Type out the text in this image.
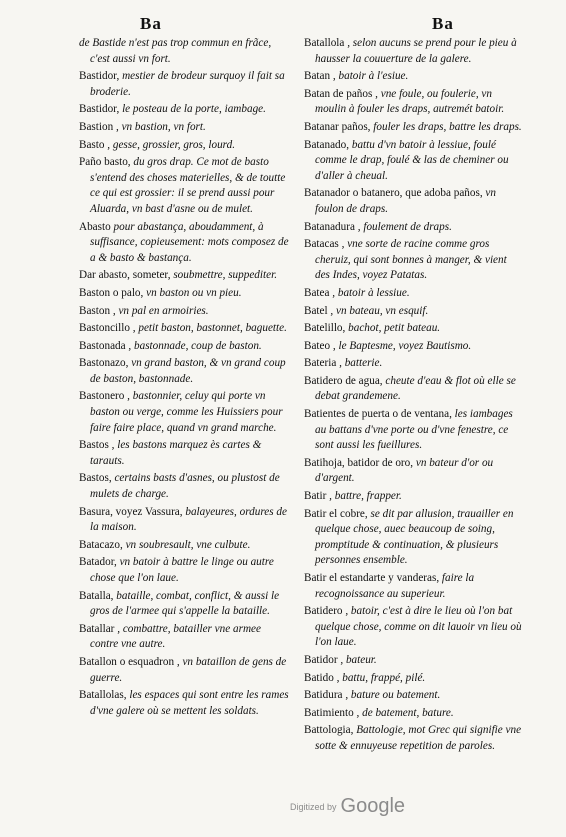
Ba	Ba

de Bastide n'est pas trop commun en frãce, c'est aussi vn fort.

Bastidor, mestier de brodeur surquoy il fait sa broderie.

Bastidor, le posteau de la porte, iambage.

Bastion , vn bastion, vn fort.

Basto , gesse, grossier, gros, lourd.

Paño basto, du gros drap. Ce mot de basto s'entend des choses materielles, & de toutte ce qui est grossier: il se prend aussi pour Aluarda, vn bast d'asne ou de mulet.

Abasto pour abastança, aboudamment, à suffisance, copieusement: mots composez de a & basto & bastança.

Dar abasto, someter, soubmettre, suppediter.

Baston o palo, vn baston ou vn pieu.

Baston , vn pal en armoiries.

Bastoncillo , petit baston, bastonnet, baguette.

Bastonada , bastonnade, coup de baston.

Bastonazo, vn grand baston, & vn grand coup de baston, bastonnade.

Bastonero , bastonnier, celuy qui porte vn baston ou verge, comme les Huissiers pour faire faire place, quand vn grand marche.

Bastos , les bastons marquez ès cartes & tarauts.

Bastos, certains basts d'asnes, ou plustost de mulets de charge.

Basura, voyez Vassura, balayeures, ordures de la maison.

Batacazo, vn soubresault, vne culbute.

Batador, vn batoir à battre le linge ou autre chose que l'on laue.

Batalla, bataille, combat, conflict, & aussi le gros de l'armee qui s'appelle la bataille.

Batallar , combattre, batailler vne armee contre vne autre.

Batallon o esquadron , vn bataillon de gens de guerre.

Batallolas, les espaces qui sont entre les rames d'vne galere où se mettent les soldats.

Batallola , selon aucuns se prend pour le pieu à hausser la couuerture de la galere.

Batan , batoir à l'esiue.

Batan de paños , vne foule, ou foulerie, vn moulin à fouler les draps, autremét batoir.

Batanar paños, fouler les draps, battre les draps.

Batanado, battu d'vn batoir à lessiue, foulé comme le drap, foulé & las de cheminer ou d'aller à cheual.

Batanador o batanero, que adoba paños, vn foulon de draps.

Batanadura , foulement de draps.

Batacas , vne sorte de racine comme gros cheruiz, qui sont bonnes à manger, & vient des Indes, voyez Patatas.

Batea , batoir à lessiue.

Batel , vn bateau, vn esquif.

Batelillo, bachot, petit bateau.

Bateo , le Baptesme, voyez Bautismo.

Bateria , batterie.

Batidero de agua, cheute d'eau & flot où elle se debat grandemene.

Batientes de puerta o de ventana, les iambages au battans d'vne porte ou d'vne fenestre, ce sont aussi les fueillures.

Batihoja, batidor de oro, vn bateur d'or ou d'argent.

Batir , battre, frapper.

Batir el cobre, se dit par allusion, trauailler en quelque chose, auec beaucoup de soing, promptitude & continuation, & plusieurs personnes ensemble.

Batir el estandarte y vanderas, faire la recognoissance au superieur.

Batidero , batoir, c'est à dire le lieu où l'on bat quelque chose, comme on dit lauoir vn lieu où l'on laue.

Batidor , bateur.

Batido , battu, frappé, pilé.

Batidura , bature ou batement.

Batimiento , de batement, bature.

Battologia, Battologie, mot Grec qui signifie vne sotte & ennuyeuse repetition de paroles.

Digitized by Google
